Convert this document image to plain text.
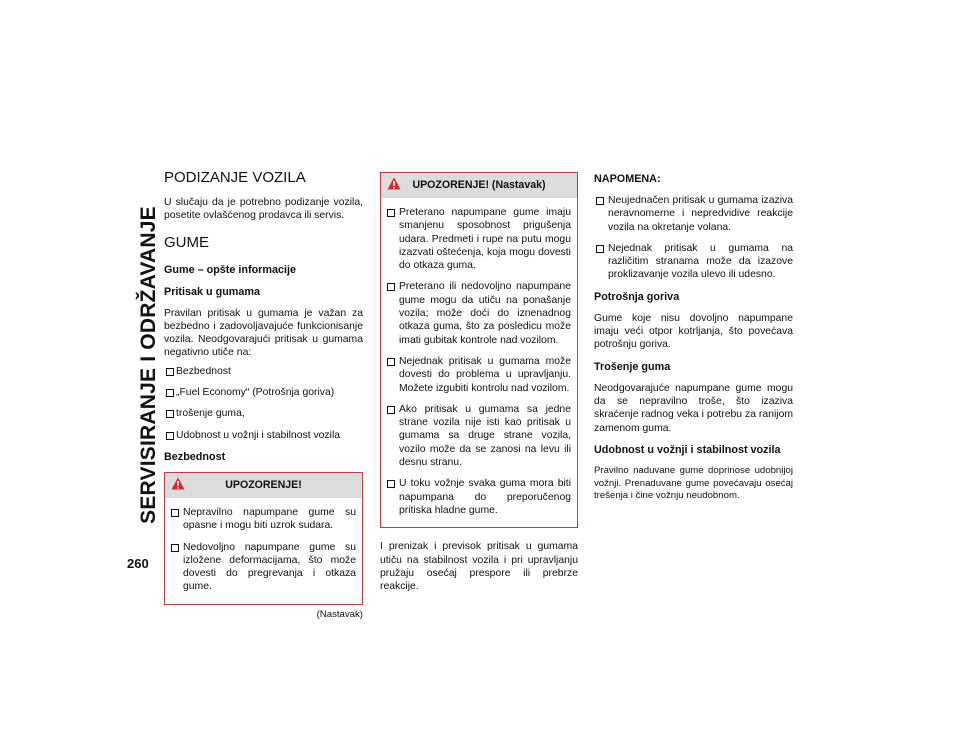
SERVISIRANJE I ODRŽAVANJE
260
PODIZANJE VOZILA

U slučaju da je potrebno podizanje vozila, posetite ovlašćenog prodavca ili servis.

GUME
Gume – opšte informacije
Pritisak u gumama

Pravilan pritisak u gumama je važan za bezbedno i zadovoljavajuće funkcionisanje vozila. Neodgovarajući pritisak u gumama negativno utiče na:

Bezbednost
„Fuel Economy“ (Potrošnja goriva)
trošenje guma,
Udobnost u vožnji i stabilnost vozila
Bezbednost
UPOZORENJE!
Nepravilno napumpane gume su opasne i mogu biti uzrok sudara.
Nedovoljno napumpane gume su izložene deformacijama, što može dovesti do pregrevanja i otkaza gume.
(Nastavak)
UPOZORENJE! (Nastavak)
Preterano napumpane gume imaju smanjenu sposobnost prigušenja udara. Predmeti i rupe na putu mogu izazvati oštećenja, koja mogu dovesti do otkaza guma.
Preterano ili nedovoljno napumpane gume mogu da utiču na ponašanje vozila; može doći do iznenadnog otkaza guma, što za posledicu može imati gubitak kontrole nad vozilom.
Nejednak pritisak u gumama može dovesti do problema u upravljanju. Možete izgubiti kontrolu nad vozilom.
Ako pritisak u gumama sa jedne strane vozila nije isti kao pritisak u gumama sa druge strane vozila, vozilo može da se zanosi na levu ili desnu stranu.
U toku vožnje svaka guma mora biti napumpana do preporučenog pritiska hladne gume.

I prenizak i previsok pritisak u gumama utiču na stabilnost vozila i pri upravljanju pružaju osećaj prespore ili prebrze reakcije.

NAPOMENA:
Neujednačen pritisak u gumama izaziva neravnomerne i nepredvidive reakcije vozila na okretanje volana.
Nejednak pritisak u gumama na različitim stranama može da izazove proklizavanje vozila ulevo ili udesno.
Potrošnja goriva

Gume koje nisu dovoljno napumpane imaju veći otpor kotrljanja, što povećava potrošnju goriva.

Trošenje guma

Neodgovarajuće napumpane gume mogu da se nepravilno troše, što izaziva skraćenje radnog veka i potrebu za ranijom zamenom guma.

Udobnost u vožnji i stabilnost vozila

Pravilno naduvane gume doprinose udobnijoj vožnji. Prenaduvane gume povećavaju osećaj trešenja i čine vožnju neudobnom.
